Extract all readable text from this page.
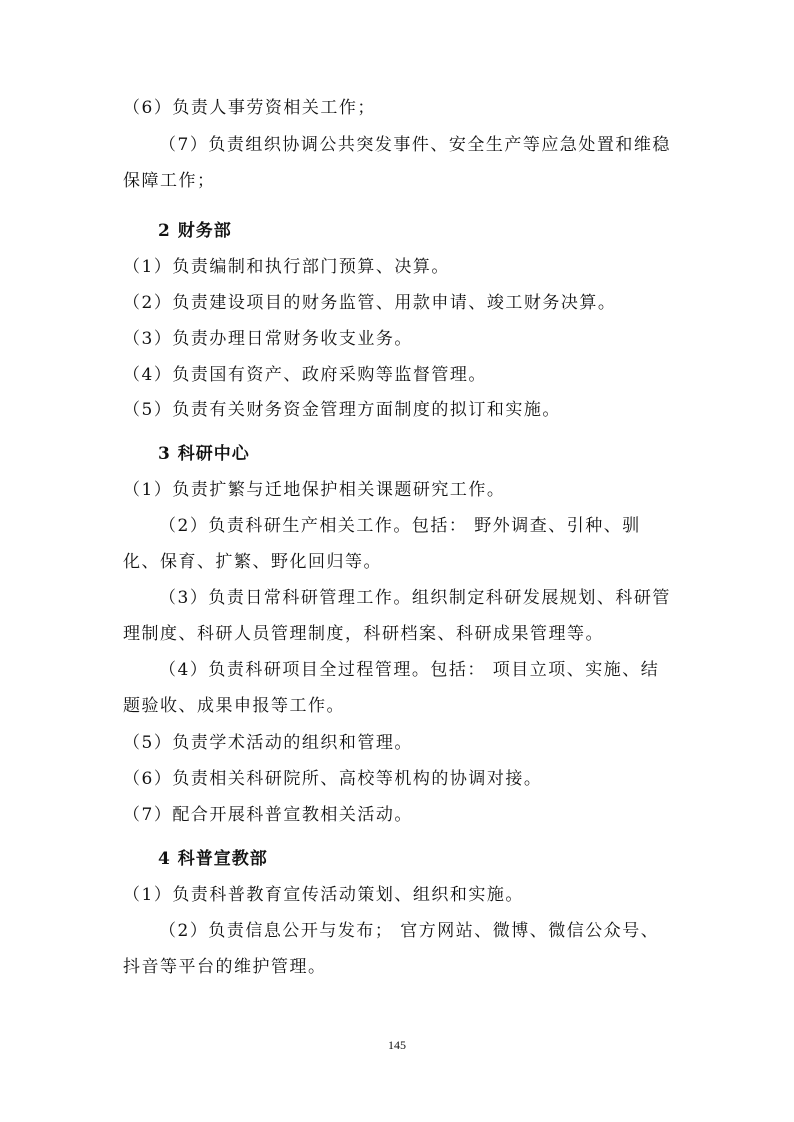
（6）负责人事劳资相关工作；
（7）负责组织协调公共突发事件、安全生产等应急处置和维稳保障工作；
2 财务部
（1）负责编制和执行部门预算、决算。
（2）负责建设项目的财务监管、用款申请、竣工财务决算。
（3）负责办理日常财务收支业务。
（4）负责国有资产、政府采购等监督管理。
（5）负责有关财务资金管理方面制度的拟订和实施。
3 科研中心
（1）负责扩繁与迁地保护相关课题研究工作。
（2）负责科研生产相关工作。包括： 野外调查、引种、驯化、保育、扩繁、野化回归等。
（3）负责日常科研管理工作。组织制定科研发展规划、科研管理制度、科研人员管理制度，科研档案、科研成果管理等。
（4）负责科研项目全过程管理。包括： 项目立项、实施、结题验收、成果申报等工作。
（5）负责学术活动的组织和管理。
（6）负责相关科研院所、高校等机构的协调对接。
（7）配合开展科普宣教相关活动。
4 科普宣教部
（1）负责科普教育宣传活动策划、组织和实施。
（2）负责信息公开与发布； 官方网站、微博、微信公众号、抖音等平台的维护管理。
145
